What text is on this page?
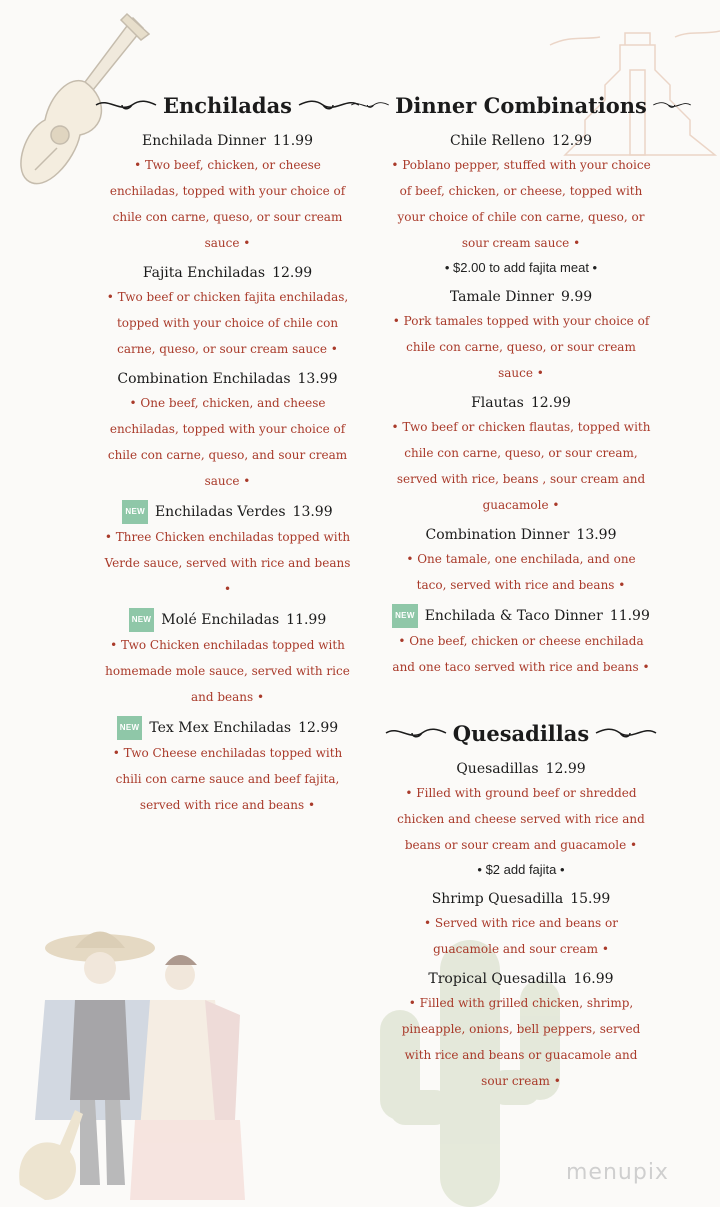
Enchiladas
Enchilada Dinner 11.99
• Two beef, chicken, or cheese enchiladas, topped with your choice of chile con carne, queso, or sour cream sauce •
Fajita Enchiladas 12.99
• Two beef or chicken fajita enchiladas, topped with your choice of chile con carne, queso, or sour cream sauce •
Combination Enchiladas 13.99
• One beef, chicken, and cheese enchiladas, topped with your choice of chile con carne, queso, and sour cream sauce •
NEW Enchiladas Verdes 13.99
• Three Chicken enchiladas topped with Verde sauce, served with rice and beans •
NEW Molé Enchiladas 11.99
• Two Chicken enchiladas topped with homemade mole sauce, served with rice and beans •
NEW Tex Mex Enchiladas 12.99
• Two Cheese enchiladas topped with chili con carne sauce and beef fajita, served with rice and beans •
Dinner Combinations
Chile Relleno 12.99
• Poblano pepper, stuffed with your choice of beef, chicken, or cheese, topped with your choice of chile con carne, queso, or sour cream sauce •
• $2.00 to add fajita meat •
Tamale Dinner 9.99
• Pork tamales topped with your choice of chile con carne, queso, or sour cream sauce •
Flautas 12.99
• Two beef or chicken flautas, topped with chile con carne, queso, or sour cream, served with rice, beans , sour cream and guacamole •
Combination Dinner 13.99
• One tamale, one enchilada, and one taco, served with rice and beans •
NEW Enchilada & Taco Dinner 11.99
• One beef, chicken or cheese enchilada and one taco served with rice and beans •
Quesadillas
Quesadillas 12.99
• Filled with ground beef or shredded chicken and cheese served with rice and beans or sour cream and guacamole •
• $2 add fajita •
Shrimp Quesadilla 15.99
• Served with rice and beans or guacamole and sour cream •
Tropical Quesadilla 16.99
• Filled with grilled chicken, shrimp, pineapple, onions, bell peppers, served with rice and beans or guacamole and sour cream •
menupix
